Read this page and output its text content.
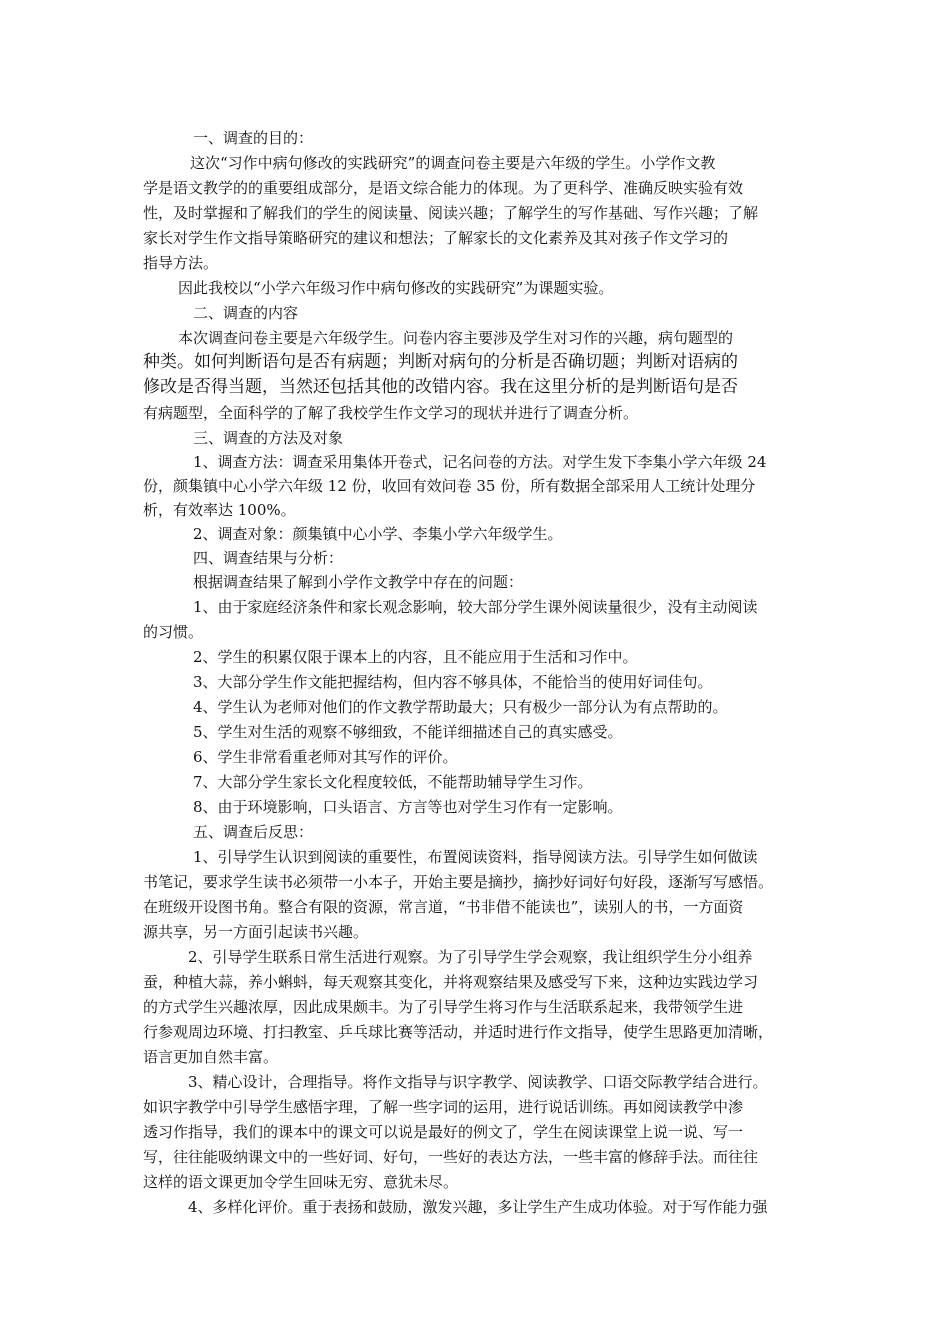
一、调查的目的：

这次“习作中病句修改的实践研究”的调查问卷主要是六年级的学生。小学作文教

学是语文教学的的重要组成部分，是语文综合能力的体现。为了更科学、准确反映实验有效

性，及时掌握和了解我们的学生的阅读量、阅读兴趣；了解学生的写作基础、写作兴趣；了解

家长对学生作文指导策略研究的建议和想法；了解家长的文化素养及其对孩子作文学习的

指导方法。

因此我校以“小学六年级习作中病句修改的实践研究”为课题实验。

二、调查的内容

本次调查问卷主要是六年级学生。问卷内容主要涉及学生对习作的兴趣，病句题型的

种类。如何判断语句是否有病题；判断对病句的分析是否确切题；判断对语病的

修改是否得当题，当然还包括其他的改错内容。我在这里分析的是判断语句是否

有病题型，全面科学的了解了我校学生作文学习的现状并进行了调查分析。

三、调查的方法及对象

1、调查方法：调查采用集体开卷式，记名问卷的方法。对学生发下李集小学六年级 24

份，颜集镇中心小学六年级 12 份，收回有效问卷 35 份，所有数据全部采用人工统计处理分

析，有效率达 100%。

2、调查对象：颜集镇中心小学、李集小学六年级学生。

四、调查结果与分析：

根据调查结果了解到小学作文教学中存在的问题：

1、由于家庭经济条件和家长观念影响，较大部分学生课外阅读量很少，没有主动阅读

的习惯。

2、学生的积累仅限于课本上的内容，且不能应用于生活和习作中。

3、大部分学生作文能把握结构，但内容不够具体，不能恰当的使用好词佳句。

4、学生认为老师对他们的作文教学帮助最大；只有极少一部分认为有点帮助的。

5、学生对生活的观察不够细致，不能详细描述自己的真实感受。

6、学生非常看重老师对其写作的评价。

7、大部分学生家长文化程度较低，不能帮助辅导学生习作。

8、由于环境影响，口头语言、方言等也对学生习作有一定影响。

五、调查后反思：

1、引导学生认识到阅读的重要性，布置阅读资料，指导阅读方法。引导学生如何做读

书笔记，要求学生读书必须带一小本子，开始主要是摘抄，摘抄好词好句好段，逐渐写写感悟。

在班级开设图书角。整合有限的资源，常言道，“书非借不能读也”，读别人的书，一方面资

源共享，另一方面引起读书兴趣。

2、引导学生联系日常生活进行观察。为了引导学生学会观察，我让组织学生分小组养

蚕，种植大蒜，养小蝌蚪，每天观察其变化，并将观察结果及感受写下来，这种边实践边学习

的方式学生兴趣浓厚，因此成果颇丰。为了引导学生将习作与生活联系起来，我带领学生进

行参观周边环境、打扫教室、乒乓球比赛等活动，并适时进行作文指导，使学生思路更加清晰，

语言更加自然丰富。

3、精心设计，合理指导。将作文指导与识字教学、阅读教学、口语交际教学结合进行。

如识字教学中引导学生感悟字理，了解一些字词的运用，进行说话训练。再如阅读教学中渗

透习作指导，我们的课本中的课文可以说是最好的例文了，学生在阅读课堂上说一说、写一

写，往往能吸纳课文中的一些好词、好句，一些好的表达方法，一些丰富的修辞手法。而往往

这样的语文课更加令学生回味无穷、意犹未尽。

4、多样化评价。重于表扬和鼓励，激发兴趣，多让学生产生成功体验。对于写作能力强
